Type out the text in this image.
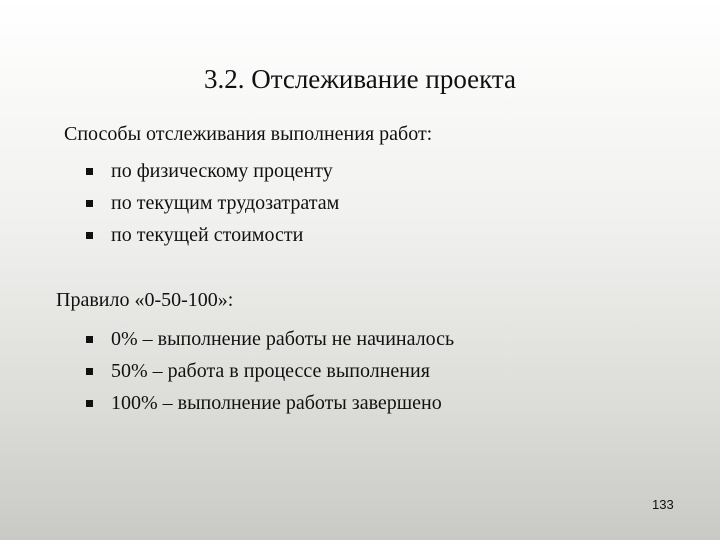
3.2. Отслеживание проекта
Способы отслеживания выполнения работ:
по физическому проценту
по текущим трудозатратам
по текущей стоимости
Правило «0-50-100»:
0% – выполнение работы не начиналось
50% – работа в процессе выполнения
100% – выполнение работы завершено
133
